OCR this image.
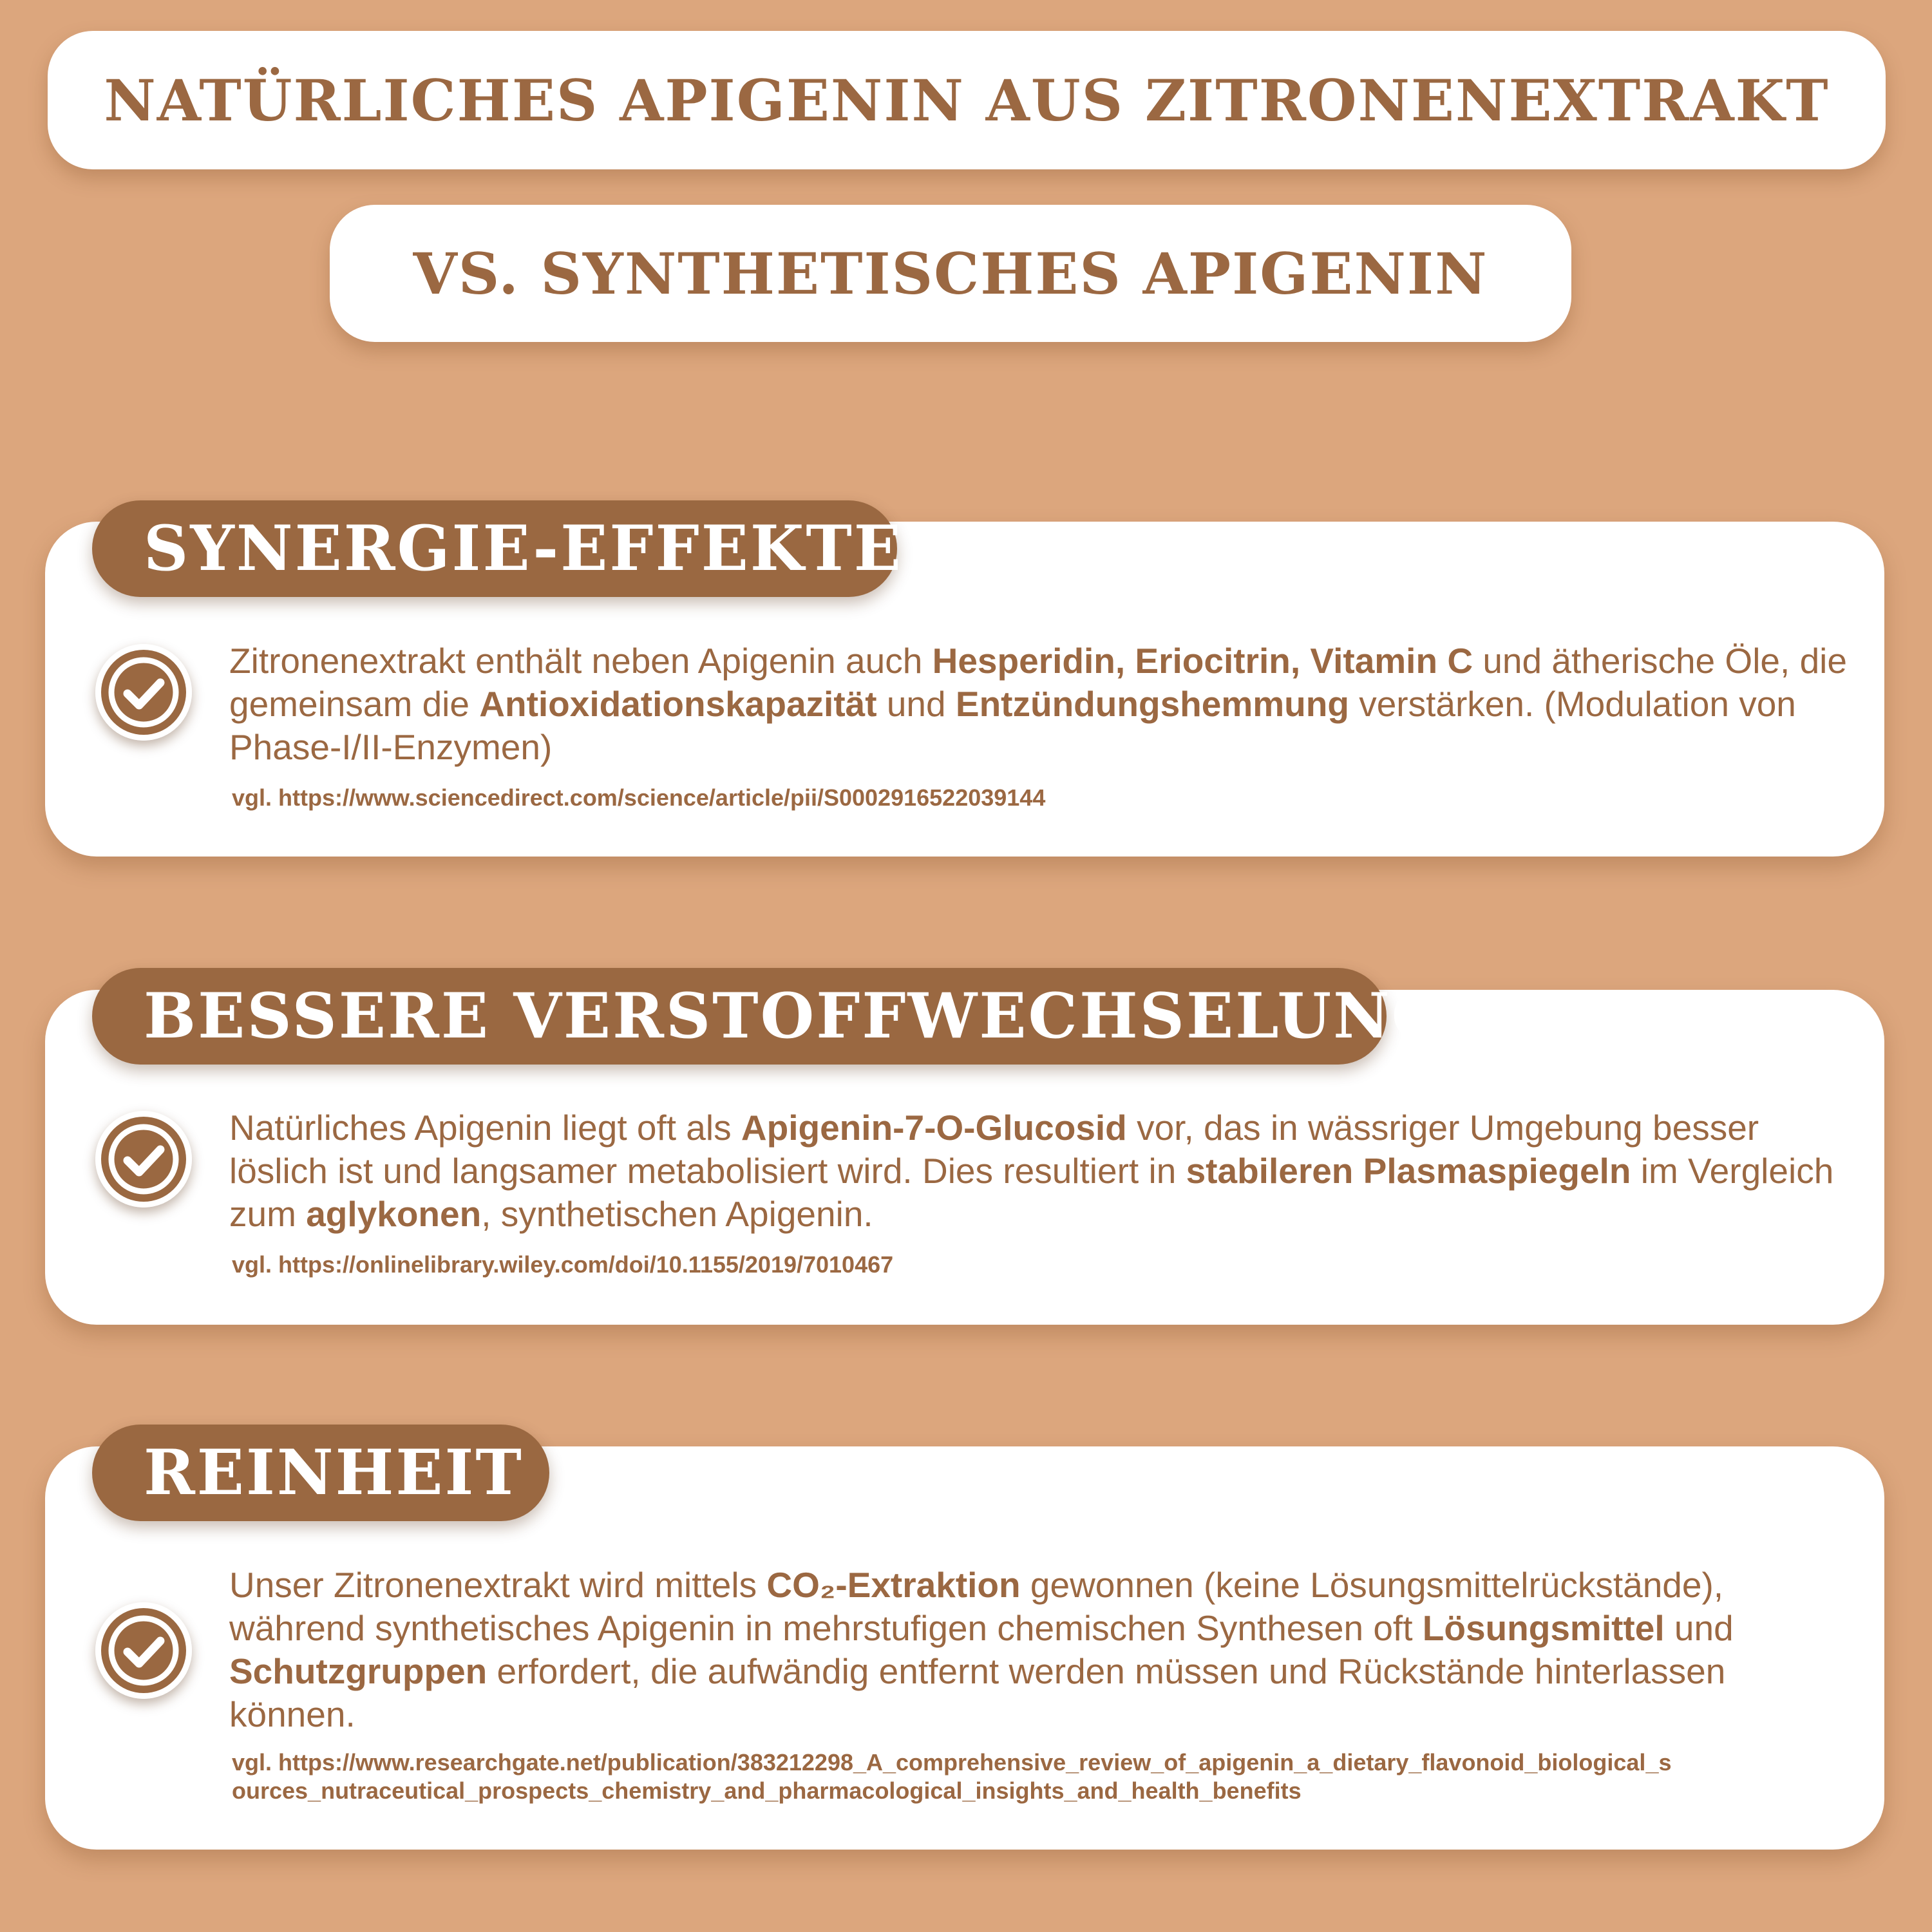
NATÜRLICHES APIGENIN AUS ZITRONENEXTRAKT
VS. SYNTHETISCHES APIGENIN
SYNERGIE-EFFEKTE
Zitronenextrakt enthält neben Apigenin auch Hesperidin, Eriocitrin, Vitamin C und ätherische Öle, die gemeinsam die Antioxidationskapazität und Entzündungshemmung verstärken. (Modulation von Phase-I/II-Enzymen)
vgl. https://www.sciencedirect.com/science/article/pii/S0002916522039144
BESSERE VERSTOFFWECHSELUNG
Natürliches Apigenin liegt oft als Apigenin-7-O-Glucosid vor, das in wässriger Umgebung besser löslich ist und langsamer metabolisiert wird. Dies resultiert in stabileren Plasmaspiegeln im Vergleich zum aglykonen, synthetischen Apigenin.
vgl. https://onlinelibrary.wiley.com/doi/10.1155/2019/7010467
REINHEIT
Unser Zitronenextrakt wird mittels CO₂-Extraktion gewonnen (keine Lösungsmittelrückstände), während synthetisches Apigenin in mehrstufigen chemischen Synthesen oft Lösungsmittel und Schutzgruppen erfordert, die aufwändig entfernt werden müssen und Rückstände hinterlassen können.
vgl. https://www.researchgate.net/publication/383212298_A_comprehensive_review_of_apigenin_a_dietary_flavonoid_biological_sources_nutraceutical_prospects_chemistry_and_pharmacological_insights_and_health_benefits
